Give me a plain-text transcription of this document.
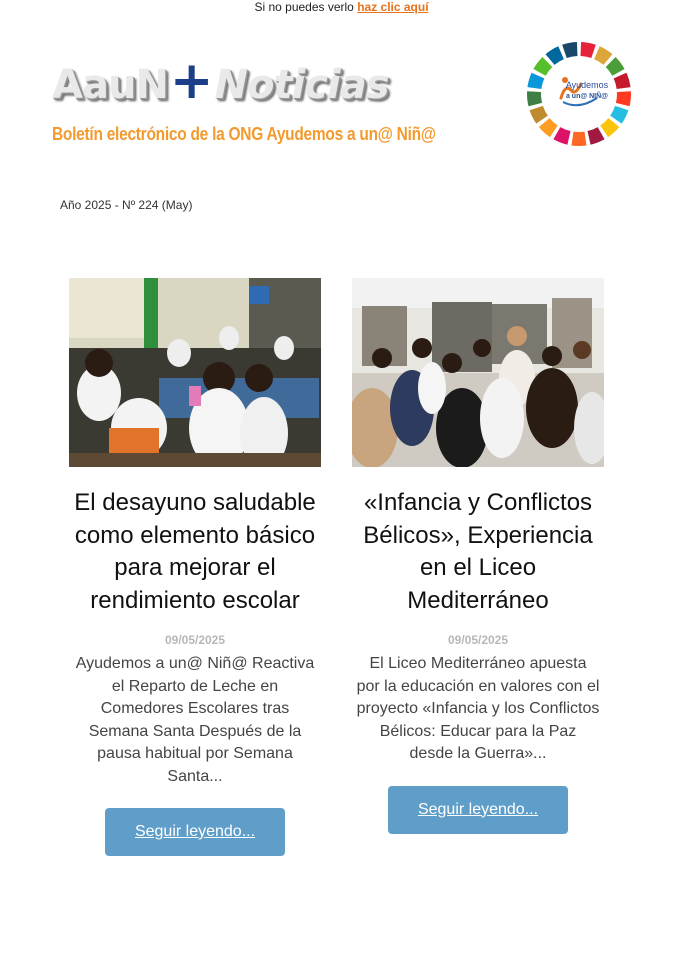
Si no puedes verlo haz clic aquí
AauN+Noticias
Boletín electrónico de la ONG Ayudemos a un@ Niñ@
Ayudemos
a un@ NIÑ@
Año 2025 - Nº 224 (May)
El desayuno saludable como elemento básico para mejorar el rendimiento escolar
09/05/2025
Ayudemos a un@ Niñ@ Reactiva el Reparto de Leche en Comedores Escolares tras Semana Santa Después de la pausa habitual por Semana Santa...
Seguir leyendo...
«Infancia y Conflictos Bélicos», Experiencia en el Liceo Mediterráneo
09/05/2025
El Liceo Mediterráneo apuesta por la educación en valores con el proyecto «Infancia y los Conflictos Bélicos: Educar para la Paz desde la Guerra»...
Seguir leyendo...
